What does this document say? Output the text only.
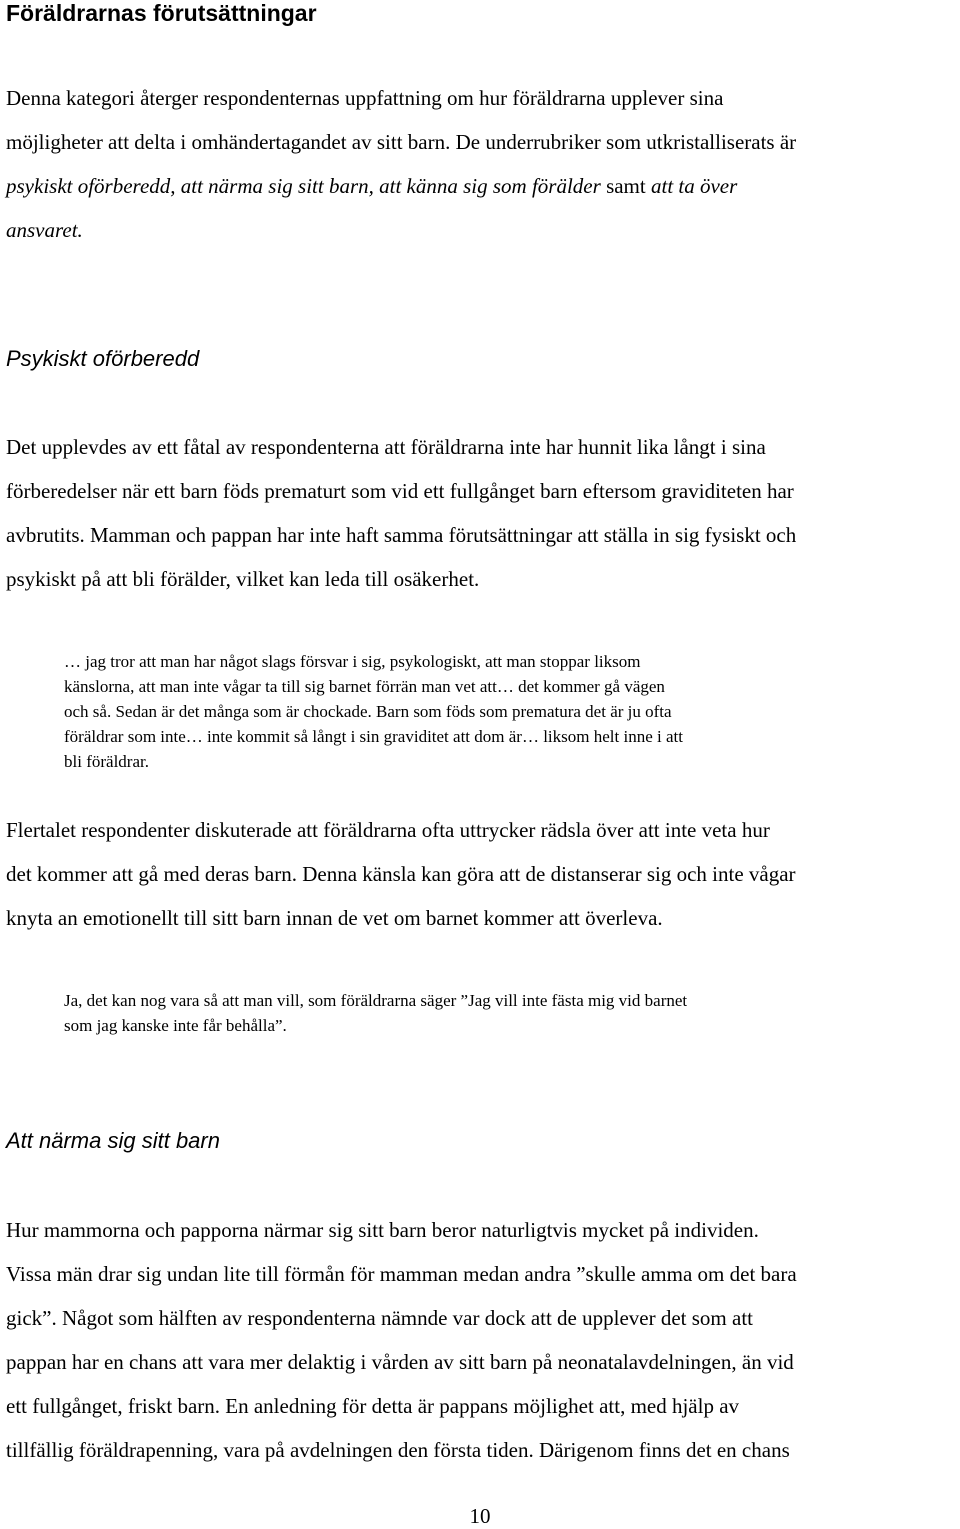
Föräldrarnas förutsättningar
Denna kategori återger respondenternas uppfattning om hur föräldrarna upplever sina
möjligheter att delta i omhändertagandet av sitt barn. De underrubriker som utkristalliserats är
psykiskt oförberedd, att närma sig sitt barn, att känna sig som förälder samt att ta över
ansvaret.
Psykiskt oförberedd
Det upplevdes av ett fåtal av respondenterna att föräldrarna inte har hunnit lika långt i sina
förberedelser när ett barn föds prematurt som vid ett fullgånget barn eftersom graviditeten har
avbrutits. Mamman och pappan har inte haft samma förutsättningar att ställa in sig fysiskt och
psykiskt på att bli förälder, vilket kan leda till osäkerhet.
… jag tror att man har något slags försvar i sig, psykologiskt, att man stoppar liksom
känslorna, att man inte vågar ta till sig barnet förrän man vet att… det kommer gå vägen
och så. Sedan är det många som är chockade. Barn som föds som prematura det är ju ofta
föräldrar som inte… inte kommit så långt i sin graviditet att dom är… liksom helt inne i att
bli föräldrar.
Flertalet respondenter diskuterade att föräldrarna ofta uttrycker rädsla över att inte veta hur
det kommer att gå med deras barn. Denna känsla kan göra att de distanserar sig och inte vågar
knyta an emotionellt till sitt barn innan de vet om barnet kommer att överleva.
Ja, det kan nog vara så att man vill, som föräldrarna säger ”Jag vill inte fästa mig vid barnet
som jag kanske inte får behålla”.
Att närma sig sitt barn
Hur mammorna och papporna närmar sig sitt barn beror naturligtvis mycket på individen.
Vissa män drar sig undan lite till förmån för mamman medan andra ”skulle amma om det bara
gick”. Något som hälften av respondenterna nämnde var dock att de upplever det som att
pappan har en chans att vara mer delaktig i vården av sitt barn på neonatalavdelningen, än vid
ett fullgånget, friskt barn. En anledning för detta är pappans möjlighet att, med hjälp av
tillfällig föräldrapenning, vara på avdelningen den första tiden. Därigenom finns det en chans
10
